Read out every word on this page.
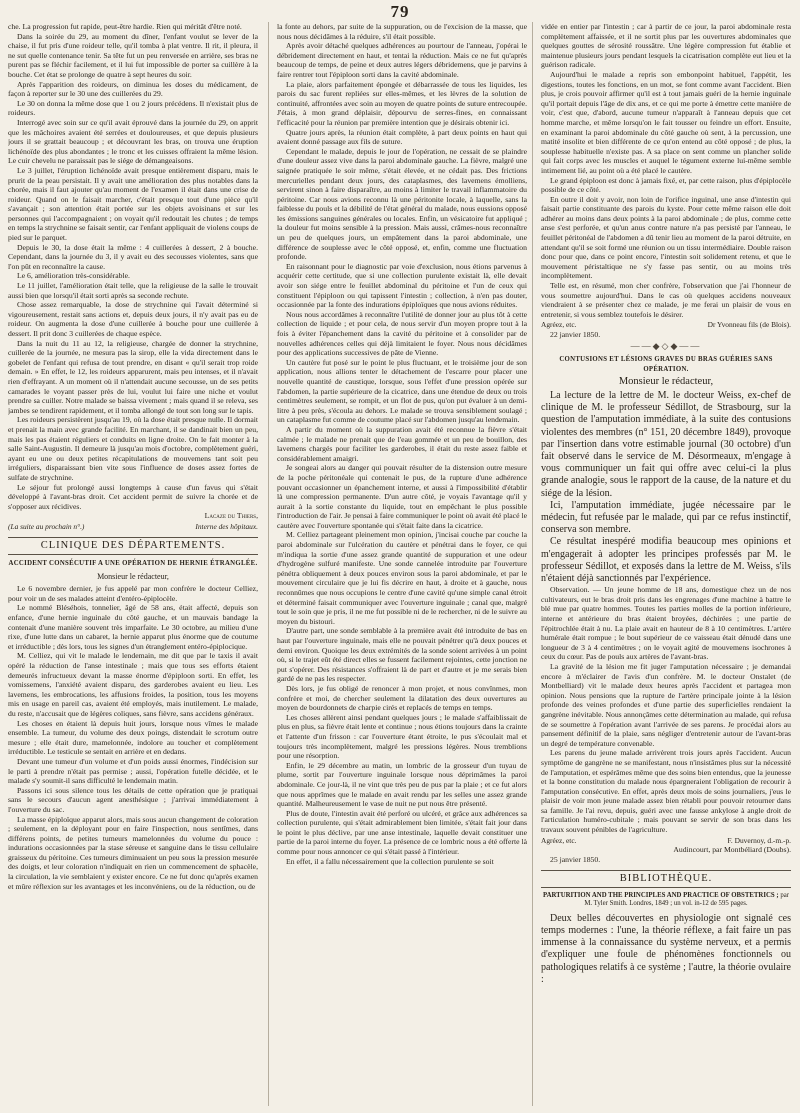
79

che. La progression fut rapide, peut-être hardie. Rien qui méritât d'être noté.

Dans la soirée du 29, au moment du dîner, l'enfant voulut se lever de la chaise, il fut pris d'une roideur telle, qu'il tomba à plat ventre. Il rit, il pleura, il ne sut quelle contenance tenir. Sa tête fut un peu renversée en arrière, ses bras ne purent pas se fléchir facilement, et il lui fut impossible de porter sa cuillère à la bouche. Cet état se prolonge de quatre à sept heures du soir.

Après l'apparition des roideurs, on diminua les doses du médicament, de façon à reporter sur le 30 une des cuillerées du 29.

Le 30 on donna la même dose que 1 ou 2 jours précédens. Il n'existait plus de roideurs.

Interrogé avec soin sur ce qu'il avait éprouvé dans la journée du 29, on apprit que les mâchoires avaient été serrées et douloureuses, et que depuis plusieurs jours il se grattait beaucoup ; et découvrant les bras, on trouva une éruption lichénoïde des plus abondantes ; le tronc et les cuisses offraient la même lésion. Le cuir chevelu ne paraissait pas le siége de démangeaisons.

Le 3 juillet, l'éruption lichénoïde avait presque entièrement disparu, mais le prurit de la peau persistait. Il y avait une amélioration des plus notables dans la chorée, mais il faut ajouter qu'au moment de l'examen il était dans une crise de roideur. Quand on le faisait marcher, c'était presque tout d'une pièce qu'il s'avançait ; son attention était portée sur les objets avoisinans et sur les personnes qui l'accompagnaient ; on voyait qu'il redoutait les chutes ; de temps en temps la strychnine se faisait sentir, car l'enfant appliquait de violens coups de pied sur le parquet.

Depuis le 30, la dose était la même : 4 cuillerées à dessert, 2 à bouche. Cependant, dans la journée du 3, il y avait eu des secousses violentes, sans que l'on pût en reconnaître la cause.

Le 6, amélioration très-considérable.

Le 11 juillet, l'amélioration était telle, que la religieuse de la salle le trouvait aussi bien que lorsqu'il était sorti après sa seconde rechute.

Chose assez remarquable, la dose de strychnine qui l'avait déterminé si vigoureusement, restait sans actions et, depuis deux jours, il n'y avait pas eu de roideur. On augmenta la dose d'une cuillerée à bouche pour une cuillerée à dessert. Il prit donc 3 cuillerées de chaque espèce.

Dans la nuit du 11 au 12, la religieuse, chargée de donner la strychnine, cuillerée de la journée, ne mesura pas la sirop, elle la vida directement dans le gobelet de l'enfant qui refusa de tout prendre, en disant « qu'il serait trop roide demain. » En effet, le 12, les roideurs apparurent, mais peu intenses, et il n'avait rien d'effrayant. A un moment où il n'attendait aucune secousse, un de ses petits camarades le voyant passer près de lui, voulut lui faire une niche et voulut prendre sa cuiller. Notre malade se baissa vivement ; mais quand il se releva, ses jambes se tendirent rapidement, et il tomba allongé de tout son long sur le tapis.

Les roideurs persistèrent jusqu'au 19, où la dose était presque nulle. Il dormait et prenait la main avec grande facilité. En marchant, il se dandinait bien un peu, mais les pas étaient réguliers et conduits en ligne droite. On le fait monter à la salle Saint-Augustin. Il demeure là jusqu'au mois d'octobre, complètement guéri, ayant eu une ou deux petites récapitulations de mouvemens tant soit peu irréguliers, disparaissant bien vite sous l'influence de doses assez fortes de sulfate de strychnine.

Le séjour fut prolongé aussi longtemps à cause d'un favus qui s'était développé à l'avant-bras droit. Cet accident permit de suivre la chorée et de s'opposer aux récidives.

Lacaze du Thiers,

(La suite au prochain n°.)	Interne des hôpitaux.
CLINIQUE DES DÉPARTEMENTS.
ACCIDENT CONSÉCUTIF A UNE OPÉRATION DE HERNIE ÉTRANGLÉE.

Monsieur le rédacteur,

Le 6 novembre dernier, je fus appelé par mon confrère le docteur Celliez, pour voir un de ses malades atteint d'entéro-épiplocèle.

Le nommé Bléséhois, tonnelier, âgé de 58 ans, était affecté, depuis son enfance, d'une hernie inguinale du côté gauche, et un mauvais bandage la contenait d'une manière souvent très imparfaite. Le 30 octobre, au milieu d'une rixe, d'une lutte dans un cabaret, la hernie apparut plus énorme que de coutume et irréductible ; dès lors, tous les signes d'un étranglement entéro-épiplocique.

M. Celliez, qui vit le malade le lendemain, me dit que par le taxis il avait opéré la réduction de l'anse intestinale ; mais que tous ses efforts étaient demeurés infructueux devant la masse énorme d'épiploon sorti. En effet, les vomissemens, l'anxiété avaient disparu, des garderobes avaient eu lieu. Les lavemens, les embrocations, les affusions froides, la position, tous les moyens mis en usage en pareil cas, avaient été employés, mais inutilement. Le malade, du reste, n'accusait que de légères coliques, sans fièvre, sans accidens généraux.

Les choses en étaient là depuis huit jours, lorsque nous vîmes le malade ensemble. La tumeur, du volume des deux poings, distendait le scrotum outre mesure ; elle était dure, mamelonnée, indolore au toucher et complètement irréductible. Le testicule se sentait en arrière et en dedans.

Devant une tumeur d'un volume et d'un poids aussi énormes, l'indécision sur le parti à prendre n'était pas permise ; aussi, l'opération futelle décidée, et le malade s'y soumit-il sans difficulté le lendemain matin.

Passons ici sous silence tous les détails de cette opération que je pratiquai sans le secours d'aucun agent anesthésique ; j'arrivai immédiatement à l'ouverture du sac.

La masse épiploïque apparut alors, mais sous aucun changement de coloration ; seulement, en la déployant pour en faire l'inspection, nous sentîmes, dans différens points, de petites tumeurs mamelonnées du volume du pouce : indurations occasionnées par la stase séreuse et sanguine dans le tissu cellulaire graisseux du péritoine. Ces tumeurs diminuaient un peu sous la pression mesurée des doigts, et leur coloration n'indiquait en rien un commencement de sphacèle, la circulation, la vie semblaient y exister encore. Ce ne fut donc qu'après examen et mûre réflexion sur les avantages et les inconvéniens, ou de la réduction, ou de

la fonte au dehors, par suite de la suppuration, ou de l'excision de la masse, que nous nous décidâmes à la réduire, s'il était possible.

Après avoir détaché quelques adhérences au pourtour de l'anneau, j'opérai le débridement directement en haut, et tentai la réduction. Mais ce ne fut qu'après beaucoup de temps, de peine et deux autres légers débridemens, que je parvins à faire rentrer tout l'épiploon sorti dans la cavité abdominale.

La plaie, alors parfaitement épongée et débarrassée de tous les liquides, les parois du sac furent repliées sur elles-mêmes, et les lèvres de la solution de continuité, affrontées avec soin au moyen de quatre points de suture entrecoupée. J'étais, à mon grand déplaisir, dépourvu de serres-fines, en connaissant l'efficacité pour la réunion par première intention que je désirais obtenir ici.

Quatre jours après, la réunion était complète, à part deux points en haut qui avaient donné passage aux fils de suture.

Cependant le malade, depuis le jour de l'opération, ne cessait de se plaindre d'une douleur assez vive dans la paroi abdominale gauche. La fièvre, malgré une saignée pratiquée le soir même, s'était élevée, et ne cédait pas. Des frictions mercurielles pendant deux jours, des cataplasmes, des lavemens émolliens, servirent sinon à faire disparaître, au moins à limiter le travail inflammatoire du péritoine. Car nous avions reconnu là une péritonite locale, à laquelle, sans la faiblesse du pouls et la débilité de l'état général du malade, nous eussions opposé les émissions sanguines générales ou locales. Enfin, un vésicatoire fut appliqué ; la douleur fut moins sensible à la pression. Mais aussi, crâmes-nous reconnaître un peu de quelques jours, un empâtement dans la paroi abdominale, une différence de souplesse avec le côté opposé, et, enfin, comme une fluctuation profonde.

En raisonnant pour le diagnostic par voie d'exclusion, nous étions parvenus à acquérir cette certitude, que si une collection purulente existait là, elle devait avoir son siége entre le feuillet abdominal du péritoine et l'un de ceux qui constituent l'épiploon ou qui tapissent l'intestin ; collection, à n'en pas douter, occasionnée par la fonte des indurations épiploïques que nous avions réduites.

Nous nous accordâmes à reconnaître l'utilité de donner jour au plus tôt à cette collection de liquide ; et pour cela, de nous servir d'un moyen propre tout à la fois à éviter l'épanchement dans la cavité du péritoine et à consolider par de nouvelles adhérences celles qui déjà limitaient le foyer. Nous nous décidâmes pour des applications successives de pâte de Vienne.

Un cautère fut posé sur le point le plus fluctuant, et le troisième jour de son application, nous allions tenter le détachement de l'escarre pour placer une nouvelle quantité de caustique, lorsque, sous l'effet d'une pression opérée sur l'abdomen, la partie supérieure de la cicatrice, dans une étendue de deux ou trois centimètres seulement, se rompit, et un flot de pus, qu'on put évaluer à un demi-litre à peu près, s'écoula au dehors. Le malade se trouva sensiblement soulagé ; un cataplasme fut comme de coutume placé sur l'abdomen jusqu'au lendemain.

A partir du moment où la suppuration avait été reconnue la fièvre s'était calmée ; le malade ne prenait que de l'eau gommée et un peu de bouillon, des lavemens chargés pour faciliter les garderobes, il était du reste assez faible et considérablement amaigri.

Je songeai alors au danger qui pouvait résulter de la distension outre mesure de la poche péritonéale qui contenait le pus, de la rupture d'une adhérence pouvant occasionner un épanchement interne, et aussi à l'impossibilité d'établir là une compression permanente. D'un autre côté, je voyais l'avantage qu'il y aurait à la sortie constante du liquide, tout en empêchant le plus possible l'introduction de l'air. Je pensai à faire communiquer le point où avait été placé le cautère avec l'ouverture spontanée qui s'était faite dans la cicatrice.

M. Celliez partageant pleinement mon opinion, j'incisai couche par couche la paroi abdominale sur l'ulcération du cautère et pénétrai dans le foyer, ce qui m'indiqua la sortie d'une assez grande quantité de suppuration et une odeur d'hydrogène sulfuré manifeste. Une sonde cannelée introduite par l'ouverture pénétra obliquement à deux pouces environ sous la paroi abdominale, et par le mouvement circulaire que je lui fis décrire en haut, à droite et à gauche, nous reconnûmes que nous occupions le centre d'une cavité qu'une simple canal étroit et déterminé faisait communiquer avec l'ouverture inguinale ; canal que, malgré tout le soin que je pris, il ne me fut possible ni de le rechercher, ni de le suivre au moyen du bistouri.

D'autre part, une sonde semblable à la première avait été introduite de bas en haut par l'ouverture inguinale, mais elle ne pouvait pénétrer qu'à deux pouces et demi environ. Quoique les deux extrémités de la sonde soient arrivées à un point où, si le trajet eût été direct elles se fussent facilement rejointes, cette jonction ne put s'opérer. Des résistances s'offraient là de part et d'autre et je me serais bien gardé de ne pas les respecter.

Dès lors, je fus obligé de renoncer à mon projet, et nous convînmes, mon confrère et moi, de chercher seulement la dilatation des deux ouvertures au moyen de bourdonnets de charpie cirés et replacés de temps en temps.

Les choses allèrent ainsi pendant quelques jours ; le malade s'affaiblissait de plus en plus, sa fièvre était lente et continue ; nous étions toujours dans la crainte et l'attente d'un frisson : car l'ouverture étant étroite, le pus s'écoulait mal et toujours très incomplètement, malgré les pressions légères. Nous tremblions pour une résorption.

Enfin, le 29 décembre au matin, un lombric de la grosseur d'un tuyau de plume, sortit par l'ouverture inguinale lorsque nous déprimâmes la paroi abdominale. Ce jour-là, il ne vint que très peu de pus par la plaie ; et ce fut alors que nous apprîmes que le malade en avait rendu par les selles une assez grande quantité. Malheureusement le vase de nuit ne put nous être présenté.

Plus de doute, l'intestin avait été perforé ou ulcéré, et grâce aux adhérences sa collection purulente, qui s'était admirablement bien limitée, s'était fait jour dans le point le plus déclive, par une anse intestinale, laquelle devait constituer une partie de la paroi interne du foyer. La présence de ce lombric nous a été offerte là comme pour nous annoncer ce qui s'était passé à l'intérieur.

En effet, il a fallu nécessairement que la collection purulente se soit

vidée en entier par l'intestin ; car à partir de ce jour, la paroi abdominale resta complètement affaissée, et il ne sortit plus par les ouvertures abdominales que quelques gouttes de sérosité roussâtre. Une légère compression fut établie et maintenue plusieurs jours pendant lesquels la cicatrisation complète eut lieu et la guérison radicale.

Aujourd'hui le malade a repris son embonpoint habituel, l'appétit, les digestions, toutes les fonctions, en un mot, se font comme avant l'accident. Bien plus, je crois pouvoir affirmer qu'il est à tout jamais guéri de la hernie inguinale qu'il portait depuis l'âge de dix ans, et ce qui me porte à émettre cette manière de voir, c'est que, d'abord, aucune tumeur n'apparaît à l'anneau depuis que cet homme marche, et même lorsqu'on le fait tousser ou feindre un effort. Ensuite, en examinant la paroi abdominale du côté gauche où sent, à la percussion, une matité insolite et bien différente de ce qu'on entend au côté opposé ; de plus, la souplesse habituelle n'existe pas. A sa place on sent comme un plancher solide qui fait corps avec les muscles et auquel le tégument externe lui-même semble intimement lié, au point où a été placé le cautère.

Le grand épiploon est donc à jamais fixé, et, par cette raison, plus d'épiplocèle possible de ce côté.

En outre il doit y avoir, non loin de l'orifice inguinal, une anse d'intestin qui faisait partie constituante des parois du kyste. Pour cette même raison elle doit adhérer au moins dans deux points à la paroi abdominale ; de plus, comme cette anse s'est perforée, et qu'un anus contre nature n'a pas persisté par l'anneau, le feuillet péritonéal de l'abdomen a dû tenir lieu au moment de la paroi détruite, en attendant qu'il se soit formé une réunion ou un tissu intermédiaire. Double raison donc pour que, dans ce point encore, l'intestin soit solidement retenu, et que le mouvement péristaltique ne s'y fasse pas sentir, ou au moins très incomplètement.

Telle est, en résumé, mon cher confrère, l'observation que j'ai l'honneur de vous soumettre aujourd'hui. Dans le cas où quelques accidens nouveaux viendraient à se présenter chez ce malade, je me ferai un plaisir de vous en entretenir, si vous semblez toutefois le désirer.

Agréez, etc.	Dr Yvonneau fils (de Blois).

22 janvier 1850.

——◆◇◆——
CONTUSIONS ET LÉSIONS GRAVES DU BRAS GUÉRIES SANS OPÉRATION.

Monsieur le rédacteur,

La lecture de la lettre de M. le docteur Weiss, ex-chef de clinique de M. le professeur Sédillot, de Strasbourg, sur la question de l'amputation immédiate, à la suite des contusions violentes des membres (n° 151, 20 décembre 1849), provoque par l'insertion dans votre estimable journal (30 octobre) d'un fait observé dans le service de M. Désormeaux, m'engage à vous communiquer un fait qui offre avec celui-ci la plus grande analogie, sous le rapport de la cause, de la nature et du siége de la lésion.

Ici, l'amputation immédiate, jugée nécessaire par le médecin, fut refusée par le malade, qui par ce refus instinctif, conserva son membre.

Ce résultat inespéré modifia beaucoup mes opinions et m'engagerait à adopter les principes professés par M. le professeur Sédillot, et exposés dans la lettre de M. Weiss, s'ils n'étaient déjà sanctionnés par l'expérience.

Observation. — Un jeune homme de 18 ans, domestique chez un de nos cultivateurs, eut le bras droit pris dans les engrenages d'une machine à battre le blé mue par quatre hommes. Toutes les parties molles de la portion inférieure, interne et antérieure du bras étaient broyées, déchirées ; une partie de l'épitrochlée était à nu. La plaie avait en hauteur de 8 à 10 centimètres. L'artère humérale était rompue ; le bout supérieur de ce vaisseau était dénudé dans une longueur de 3 à 4 centimètres ; on le voyait agité de mouvemens isochrones à ceux du cœur. Pas de pouls aux artères de l'avant-bras.

La gravité de la lésion me fit juger l'amputation nécessaire ; je demandai encore à m'éclairer de l'avis d'un confrère. M. le docteur Onstalet (de Montbelliard) vit le malade deux heures après l'accident et partagea mon opinion. Nous pensions que la rupture de l'artère principale jointe à la lésion profonde des veines profondes et d'une partie des superficielles rendaient la gangrène inévitable. Nous annonçâmes cette détermination au malade, qui refusa de se soumettre à l'opération avant l'arrivée de ses parens. Je procédai alors au pansement définitif de la plaie, sans négliger d'entretenir autour de l'avant-bras un degré de température convenable.

Les parens du jeune malade arrivèrent trois jours après l'accident. Aucun symptôme de gangrène ne se manifestant, nous n'insistâmes plus sur la nécessité de l'amputation, et espérâmes même que des soins bien entendus, que la jeunesse et la bonne constitution du malade nous épargneraient l'obligation de recourir à l'amputation consécutive. En effet, après deux mois de soins journaliers, j'eus le plaisir de voir mon jeune malade assez bien rétabli pour pouvoir retourner dans sa famille. Je l'ai revu, depuis, guéri avec une fausse ankylose à angle droit de l'articulation huméro-cubitale ; mais pouvant se servir de son bras dans les travaux souvent pénibles de l'agriculture.

Agréez, etc.	F. Duvernoy, d.-m.-p.

Audincourt, par Montbéliard (Doubs).

25 janvier 1850.

BIBLIOTHÈQUE.
PARTURITION AND THE PRINCIPLES AND PRACTICE OF OBSTETRICS ; par M. Tyler Smith. Londres, 1849 ; un vol. in-12 de 595 pages.

Deux belles découvertes en physiologie ont signalé ces temps modernes : l'une, la théorie réflexe, a fait faire un pas immense à la connaissance du système nerveux, et a permis d'expliquer une foule de phénomènes fonctionnels ou pathologiques relatifs à ce système ; l'autre, la théorie ovulaire :
